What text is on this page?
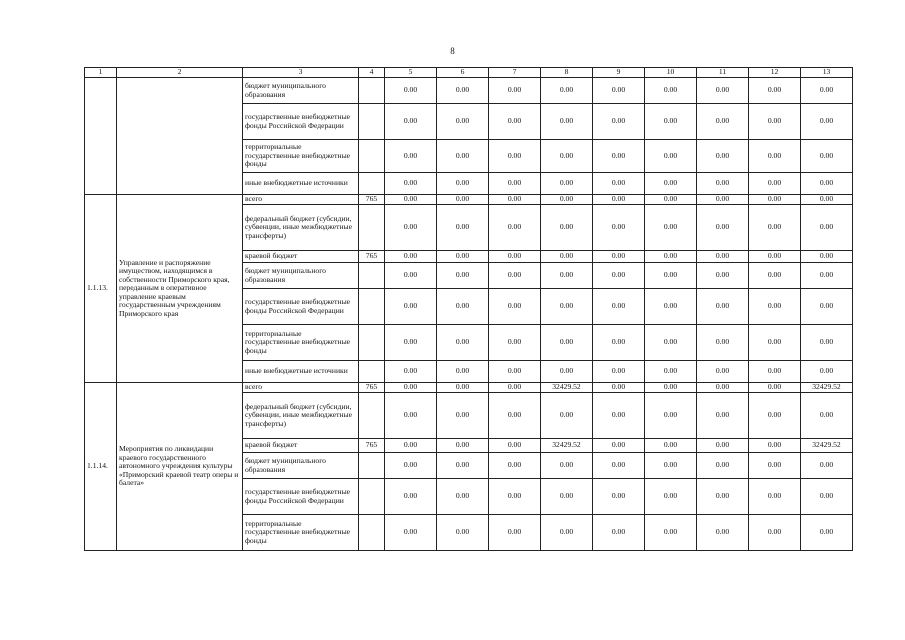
8
1	2	3	4	5	6	7	8	9	10	11	12	13
		бюджет муниципального образования		0.00	0.00	0.00	0.00	0.00	0.00	0.00	0.00	0.00
		государственные внебюджетные фонды Российской Федерации		0.00	0.00	0.00	0.00	0.00	0.00	0.00	0.00	0.00
		территориальные государственные внебюджетные фонды		0.00	0.00	0.00	0.00	0.00	0.00	0.00	0.00	0.00
		иные внебюджетные источники		0.00	0.00	0.00	0.00	0.00	0.00	0.00	0.00	0.00
1.1.13.	Управление и распоряжение имуществом, находящимся в собственности Приморского края, переданным в оперативное управление краевым государственным учреждениям Приморского края	всего	765	0.00	0.00	0.00	0.00	0.00	0.00	0.00	0.00	0.00
		федеральный бюджет (субсидии, субвенции, иные межбюджетные трансферты)		0.00	0.00	0.00	0.00	0.00	0.00	0.00	0.00	0.00
		краевой бюджет	765	0.00	0.00	0.00	0.00	0.00	0.00	0.00	0.00	0.00
		бюджет муниципального образования		0.00	0.00	0.00	0.00	0.00	0.00	0.00	0.00	0.00
		государственные внебюджетные фонды Российской Федерации		0.00	0.00	0.00	0.00	0.00	0.00	0.00	0.00	0.00
		территориальные государственные внебюджетные фонды		0.00	0.00	0.00	0.00	0.00	0.00	0.00	0.00	0.00
		иные внебюджетные источники		0.00	0.00	0.00	0.00	0.00	0.00	0.00	0.00	0.00
1.1.14.	Мероприятия по ликвидации краевого государственного автономного учреждения культуры «Приморский краевой театр оперы и балета»	всего	765	0.00	0.00	0.00	32429.52	0.00	0.00	0.00	0.00	32429.52
		федеральный бюджет (субсидии, субвенции, иные межбюджетные трансферты)		0.00	0.00	0.00	0.00	0.00	0.00	0.00	0.00	0.00
		краевой бюджет	765	0.00	0.00	0.00	32429.52	0.00	0.00	0.00	0.00	32429.52
		бюджет муниципального образования		0.00	0.00	0.00	0.00	0.00	0.00	0.00	0.00	0.00
		государственные внебюджетные фонды Российской Федерации		0.00	0.00	0.00	0.00	0.00	0.00	0.00	0.00	0.00
		территориальные государственные внебюджетные фонды		0.00	0.00	0.00	0.00	0.00	0.00	0.00	0.00	0.00
